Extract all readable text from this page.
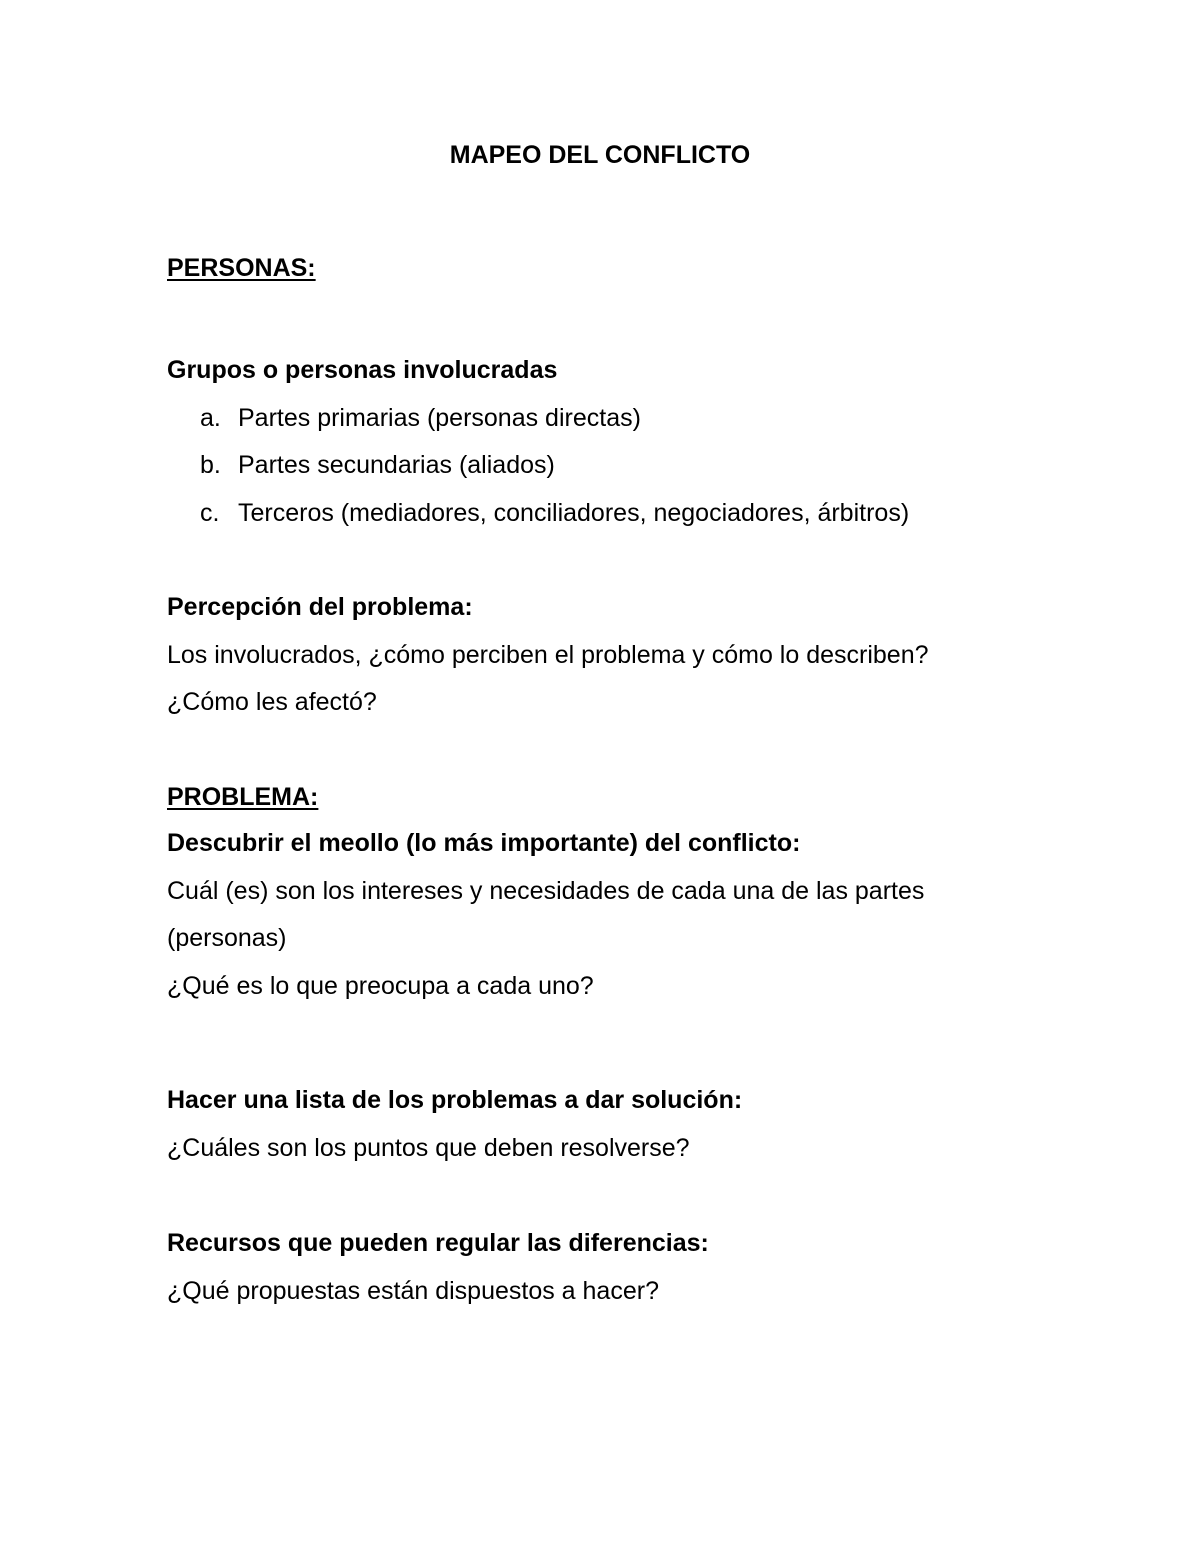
MAPEO DEL CONFLICTO
PERSONAS:
Grupos o personas involucradas
a. Partes primarias (personas directas)
b. Partes secundarias (aliados)
c. Terceros (mediadores, conciliadores, negociadores, árbitros)
Percepción del problema:
Los involucrados, ¿cómo perciben el problema y cómo lo describen?
¿Cómo les afectó?
PROBLEMA:
Descubrir el meollo (lo más importante) del conflicto:
Cuál (es) son los intereses y necesidades de cada una de las partes
(personas)
¿Qué es lo que preocupa a cada uno?
Hacer una lista de los problemas a dar solución:
¿Cuáles son los puntos que deben resolverse?
Recursos que pueden regular las diferencias:
¿Qué propuestas están dispuestos a hacer?
